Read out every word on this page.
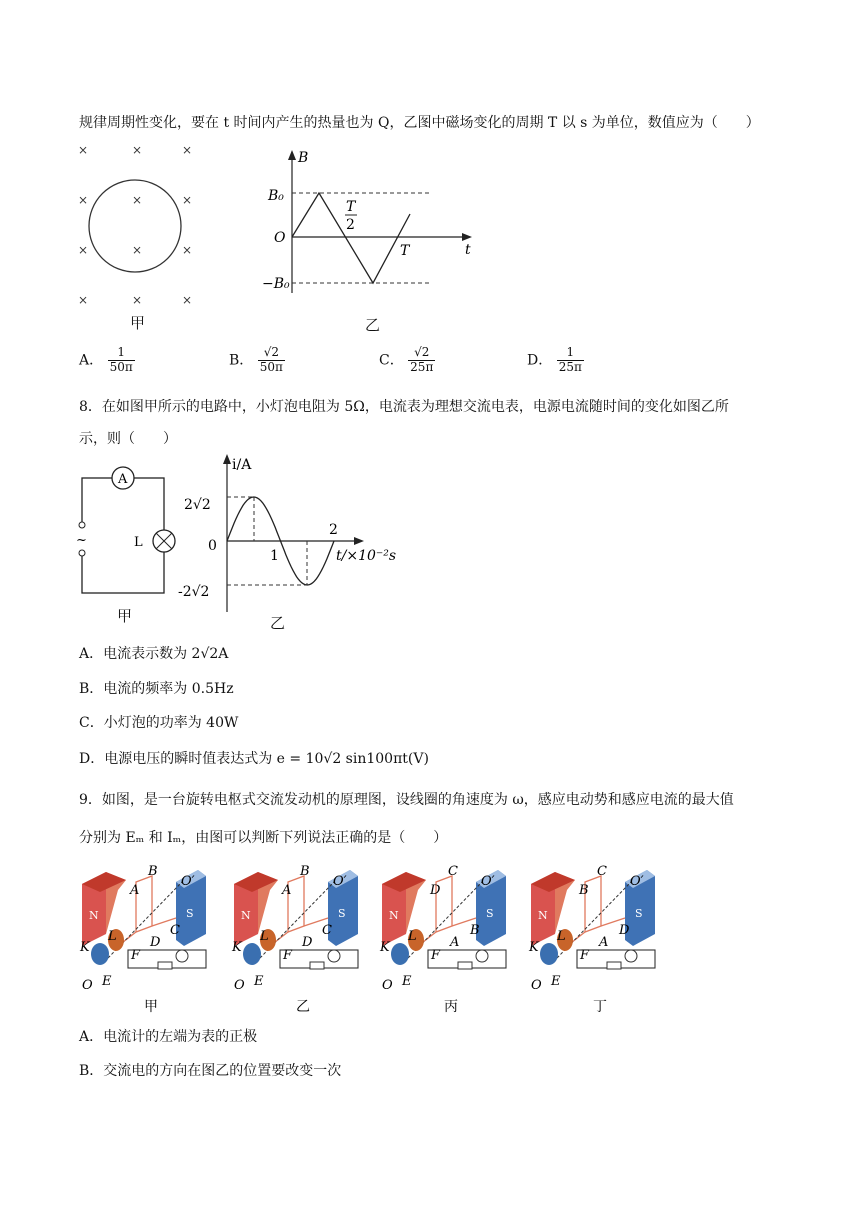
规律周期性变化，要在 t 时间内产生的热量也为 Q，乙图中磁场变化的周期 T 以 s 为单位，数值应为（　　）
×	×	×
×	×	×
×	×	×
×	×	×
甲
B
t
O
B₀
−B₀
T
2
T
乙
A． $\frac{1}{50\pi}$	B． $\frac{√2}{50\pi}$	C． $\frac{√2}{25\pi}$	D． $\frac{1}{25\pi}$
8．在如图甲所示的电路中，小灯泡电阻为 5Ω，电流表为理想交流电表，电源电流随时间的变化如图乙所
示，则（　　）
A
L
~
甲
i/A
t/×10⁻²s
2√2
0
-2√2
1
2
乙
A．电流表示数为 2√2A
B．电流的频率为 0.5Hz
C．小灯泡的功率为 40W
D．电源电压的瞬时值表达式为 e = 10√2 sin100πt(V)
9．如图，是一台旋转电枢式交流发动机的原理图，设线圈的角速度为 ω，感应电动势和感应电流的最大值
分别为 Eₘ 和 Iₘ，由图可以判断下列说法正确的是（　　）
N	S
B
A
C
D
O′
K
L
F
O E
甲
N	S
B
A
C
D
O′
K
L
F
O E
乙
N	S
C
D
B
A
O′
K
L
F
O E
丙
N	S
C
B
D
A
O′
K
L
F
O E
丁
A．电流计的左端为表的正极
B．交流电的方向在图乙的位置要改变一次
